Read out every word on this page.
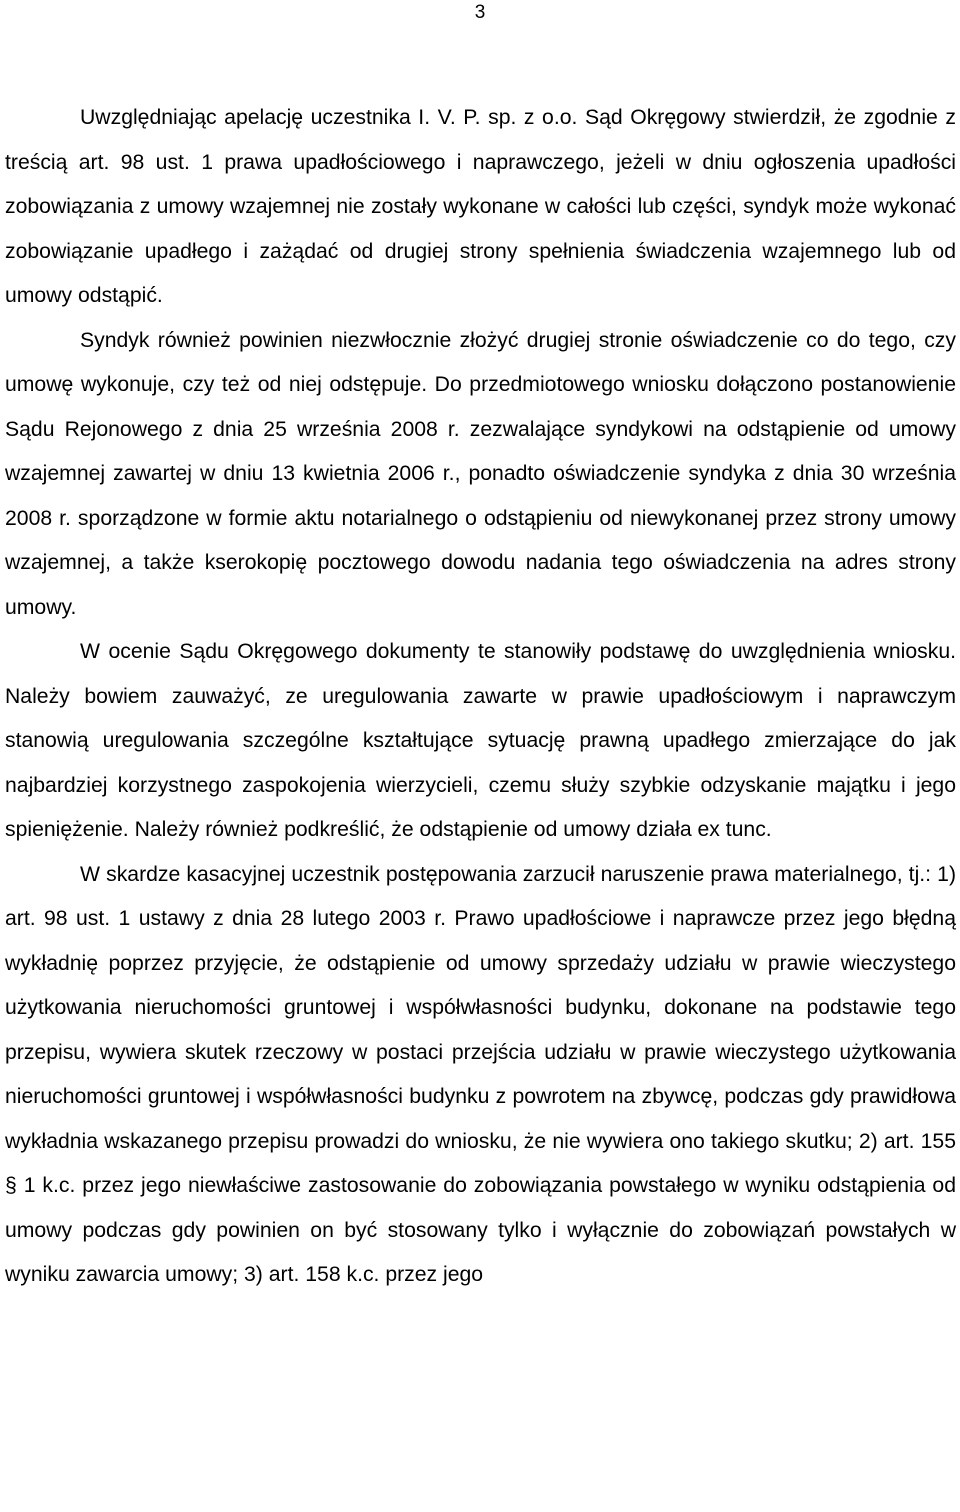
3

Uwzględniając apelację uczestnika I. V. P. sp. z o.o. Sąd Okręgowy stwierdził, że zgodnie z treścią art. 98 ust. 1 prawa upadłościowego i naprawczego, jeżeli w dniu ogłoszenia upadłości zobowiązania z umowy wzajemnej nie zostały wykonane w całości lub części, syndyk może wykonać zobowiązanie upadłego i zażądać od drugiej strony spełnienia świadczenia wzajemnego lub od umowy odstąpić.

Syndyk również powinien niezwłocznie złożyć drugiej stronie oświadczenie co do tego, czy umowę wykonuje, czy też od niej odstępuje. Do przedmiotowego wniosku dołączono postanowienie Sądu Rejonowego z dnia 25 września 2008 r. zezwalające syndykowi na odstąpienie od umowy wzajemnej zawartej w dniu 13 kwietnia 2006 r., ponadto oświadczenie syndyka z dnia 30 września 2008 r. sporządzone w formie aktu notarialnego o odstąpieniu od niewykonanej przez strony umowy wzajemnej, a także kserokopię pocztowego dowodu nadania tego oświadczenia na adres strony umowy.

W ocenie Sądu Okręgowego dokumenty te stanowiły podstawę do uwzględnienia wniosku. Należy bowiem zauważyć, ze uregulowania zawarte w prawie upadłościowym i naprawczym stanowią uregulowania szczególne kształtujące sytuację prawną upadłego zmierzające do jak najbardziej korzystnego zaspokojenia wierzycieli, czemu służy szybkie odzyskanie majątku i jego spieniężenie. Należy również podkreślić, że odstąpienie od umowy działa ex tunc.

W skardze kasacyjnej uczestnik postępowania zarzucił naruszenie prawa materialnego, tj.: 1) art. 98 ust. 1 ustawy z dnia 28 lutego 2003 r. Prawo upadłościowe i naprawcze przez jego błędną wykładnię poprzez przyjęcie, że odstąpienie od umowy sprzedaży udziału w prawie wieczystego użytkowania nieruchomości gruntowej i współwłasności budynku, dokonane na podstawie tego przepisu, wywiera skutek rzeczowy w postaci przejścia udziału w prawie wieczystego użytkowania nieruchomości gruntowej i współwłasności budynku z powrotem na zbywcę, podczas gdy prawidłowa wykładnia wskazanego przepisu prowadzi do wniosku, że nie wywiera ono takiego skutku; 2) art. 155 § 1 k.c. przez jego niewłaściwe zastosowanie do zobowiązania powstałego w wyniku odstąpienia od umowy podczas gdy powinien on być stosowany tylko i wyłącznie do zobowiązań powstałych w wyniku zawarcia umowy; 3) art. 158 k.c. przez jego
